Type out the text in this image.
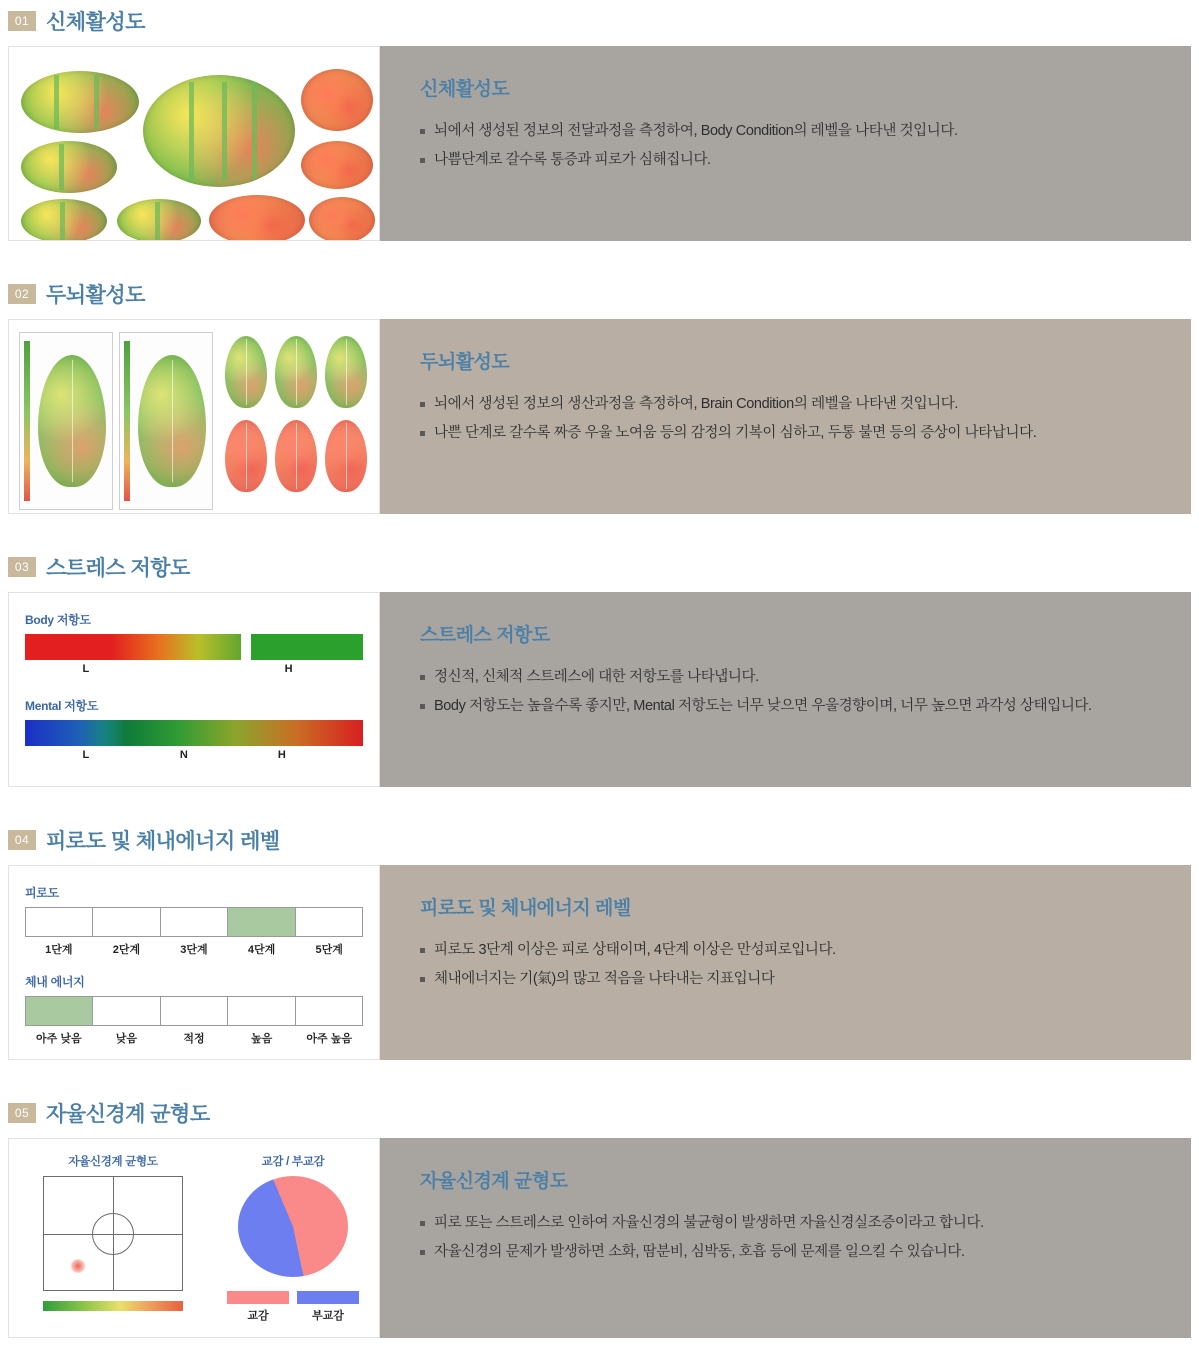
01 신체활성도
신체활성도
뇌에서 생성된 정보의 전달과정을 측정하여, Body Condition의 레벨을 나타낸 것입니다.
나쁨단계로 갈수록 통증과 피로가 심해집니다.
02 두뇌활성도
두뇌활성도
뇌에서 생성된 정보의 생산과정을 측정하여, Brain Condition의 레벨을 나타낸 것입니다.
나쁜 단계로 갈수록 짜증 우울 노여움 등의 감정의 기복이 심하고, 두통 불면 등의 증상이 나타납니다.
03 스트레스 저항도
Body 저항도
L	H
Mental 저항도
L	N	H
스트레스 저항도
정신적, 신체적 스트레스에 대한 저항도를 나타냅니다.
Body 저항도는 높을수록 좋지만, Mental 저항도는 너무 낮으면 우울경향이며, 너무 높으면 과각성 상태입니다.
04 피로도 및 체내에너지 레벨
피로도
1단계	2단계	3단계	4단계	5단계
체내 에너지
아주 낮음	낮음	적정	높음	아주 높음
피로도 및 체내에너지 레벨
피로도 3단계 이상은 피로 상태이며, 4단계 이상은 만성피로입니다.
체내에너지는 기(氣)의 많고 적음을 나타내는 지표입니다
05 자율신경계 균형도
자율신경계 균형도	교감 / 부교감
교감	부교감
자율신경계 균형도
피로 또는 스트레스로 인하여 자율신경의 불균형이 발생하면 자율신경실조증이라고 합니다.
자율신경의 문제가 발생하면 소화, 땀분비, 심박동, 호흡 등에 문제를 일으킬 수 있습니다.
